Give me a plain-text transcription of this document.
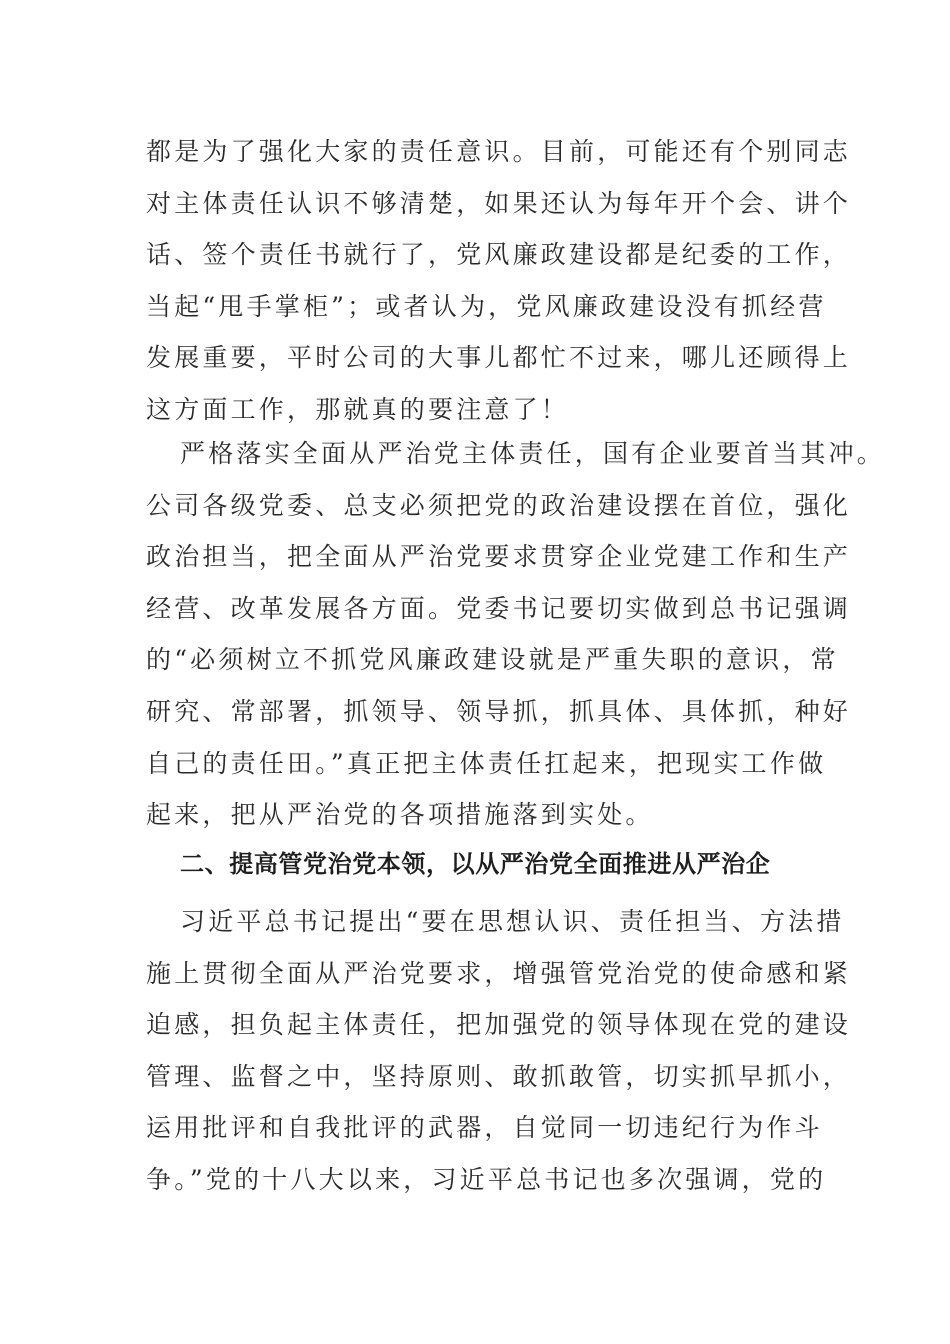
都是为了强化大家的责任意识。目前，可能还有个别同志
对主体责任认识不够清楚，如果还认为每年开个会、讲个
话、签个责任书就行了，党风廉政建设都是纪委的工作，
当起“甩手掌柜”；或者认为，党风廉政建设没有抓经营
发展重要，平时公司的大事儿都忙不过来，哪儿还顾得上
这方面工作，那就真的要注意了！
严格落实全面从严治党主体责任，国有企业要首当其冲。
公司各级党委、总支必须把党的政治建设摆在首位，强化
政治担当，把全面从严治党要求贯穿企业党建工作和生产
经营、改革发展各方面。党委书记要切实做到总书记强调
的“必须树立不抓党风廉政建设就是严重失职的意识，常
研究、常部署，抓领导、领导抓，抓具体、具体抓，种好
自己的责任田。”真正把主体责任扛起来，把现实工作做
起来，把从严治党的各项措施落到实处。
二、提高管党治党本领，以从严治党全面推进从严治企
习近平总书记提出“要在思想认识、责任担当、方法措
施上贯彻全面从严治党要求，增强管党治党的使命感和紧
迫感，担负起主体责任，把加强党的领导体现在党的建设
管理、监督之中，坚持原则、敢抓敢管，切实抓早抓小，
运用批评和自我批评的武器，自觉同一切违纪行为作斗
争。”党的十八大以来，习近平总书记也多次强调，党的
